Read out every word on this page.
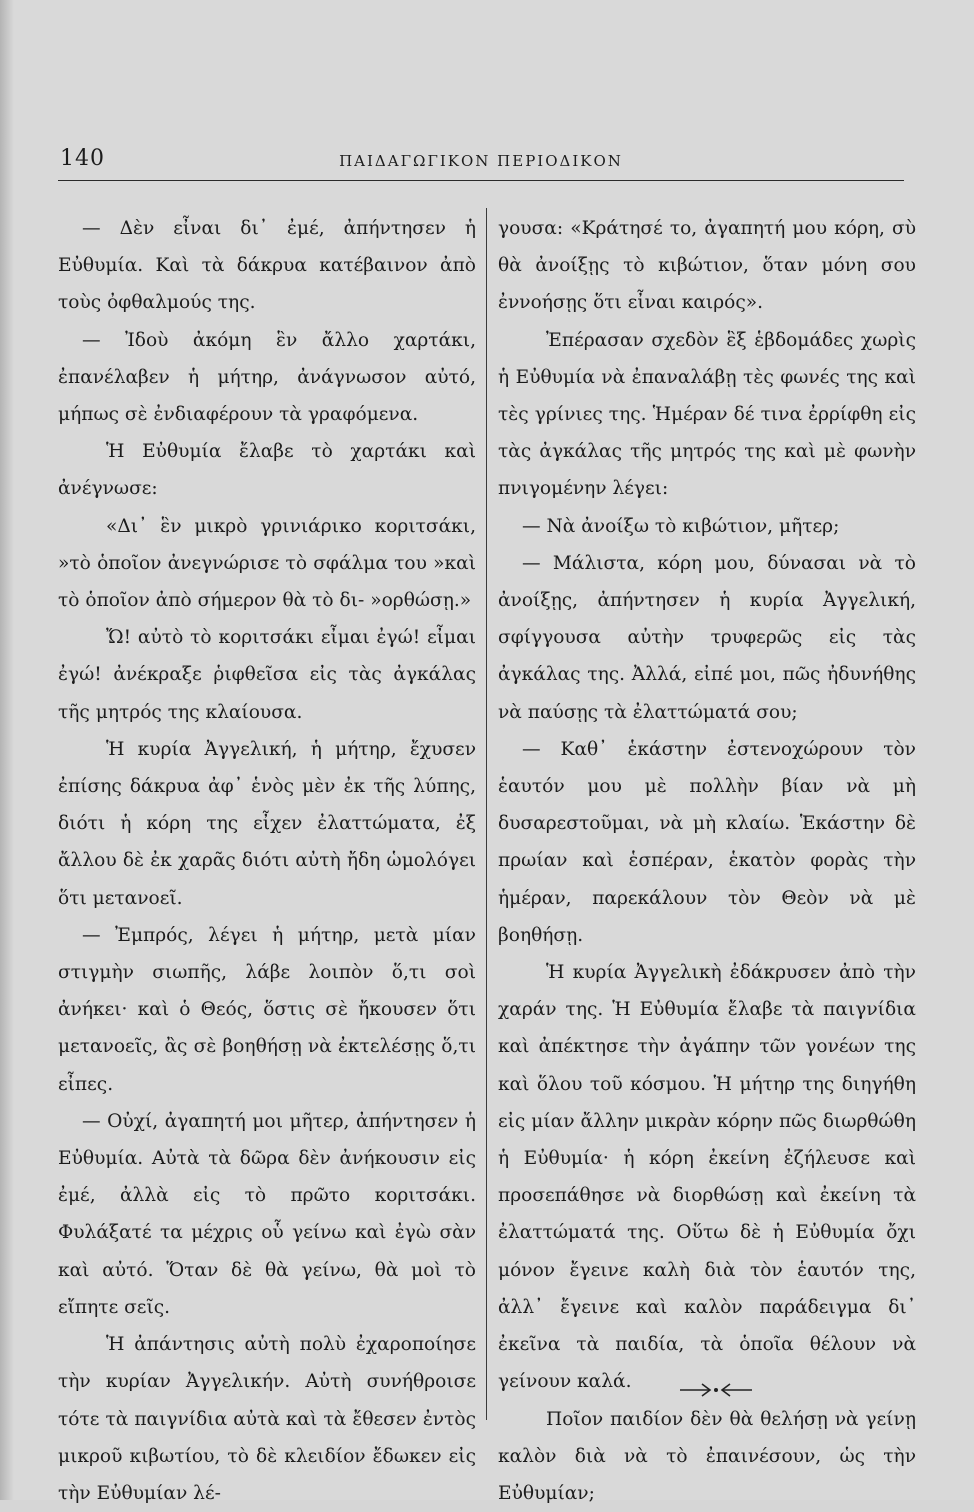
140	ΠΑΙΔΑΓΩΓΙΚΟΝ ΠΕΡΙΟΔΙΚΟΝ

— Δὲν εἶναι δι᾽ ἐμέ, ἀπήντησεν ἡ Εὐθυμία. Καὶ τὰ δάκρυα κατέβαινον ἀπὸ τοὺς ὀφθαλμούς της.

— Ἰδοὺ ἀκόμη ἓν ἄλλο χαρτάκι, ἐπανέλαβεν ἡ μήτηρ, ἀνάγνωσον αὐτό, μήπως σὲ ἐνδιαφέρουν τὰ γραφόμενα.

Ἡ Εὐθυμία ἔλαβε τὸ χαρτάκι καὶ ἀνέγνωσε:

«Δι᾽ ἓν μικρὸ γρινιάρικο κοριτσάκι, »τὸ ὁποῖον ἀνεγνώρισε τὸ σφάλμα του »καὶ τὸ ὁποῖον ἀπὸ σήμερον θὰ τὸ δι- »ορθώσῃ.»

Ὤ! αὐτὸ τὸ κοριτσάκι εἶμαι ἐγώ! εἶμαι ἐγώ! ἀνέκραξε ῥιφθεῖσα εἰς τὰς ἀγκάλας τῆς μητρός της κλαίουσα.

Ἡ κυρία Ἀγγελική, ἡ μήτηρ, ἔχυσεν ἐπίσης δάκρυα ἀφ᾽ ἑνὸς μὲν ἐκ τῆς λύπης, διότι ἡ κόρη της εἶχεν ἐλαττώματα, ἐξ ἄλλου δὲ ἐκ χαρᾶς διότι αὐτὴ ἤδη ὡμολόγει ὅτι μετανοεῖ.

— Ἐμπρός, λέγει ἡ μήτηρ, μετὰ μίαν στιγμὴν σιωπῆς, λάβε λοιπὸν ὅ,τι σοὶ ἀνήκει· καὶ ὁ Θεός, ὅστις σὲ ἤκουσεν ὅτι μετανοεῖς, ἂς σὲ βοηθήσῃ νὰ ἐκτελέσῃς ὅ,τι εἶπες.

— Οὐχί, ἀγαπητή μοι μῆτερ, ἀπήντησεν ἡ Εὐθυμία. Αὐτὰ τὰ δῶρα δὲν ἀνήκουσιν εἰς ἐμέ, ἀλλὰ εἰς τὸ πρῶτο κοριτσάκι. Φυλάξατέ τα μέχρις οὗ γείνω καὶ ἐγὼ σὰν καὶ αὐτό. Ὅταν δὲ θὰ γείνω, θὰ μοὶ τὸ εἴπητε σεῖς.

Ἡ ἀπάντησις αὐτὴ πολὺ ἐχαροποίησε τὴν κυρίαν Ἀγγελικήν. Αὐτὴ συνήθροισε τότε τὰ παιγνίδια αὐτὰ καὶ τὰ ἔθεσεν ἐντὸς μικροῦ κιβωτίου, τὸ δὲ κλειδίον ἔδωκεν εἰς τὴν Εὐθυμίαν λέ-

γουσα: «Κράτησέ το, ἀγαπητή μου κόρη, σὺ θὰ ἀνοίξῃς τὸ κιβώτιον, ὅταν μόνη σου ἐννοήσῃς ὅτι εἶναι καιρός».

Ἐπέρασαν σχεδὸν ἓξ ἑβδομάδες χωρὶς ἡ Εὐθυμία νὰ ἐπαναλάβῃ τὲς φωνές της καὶ τὲς γρίνιες της. Ἡμέραν δέ τινα ἐρρίφθη εἰς τὰς ἀγκάλας τῆς μητρός της καὶ μὲ φωνὴν πνιγομένην λέγει:

— Νὰ ἀνοίξω τὸ κιβώτιον, μῆτερ;

— Μάλιστα, κόρη μου, δύνασαι νὰ τὸ ἀνοίξῃς, ἀπήντησεν ἡ κυρία Ἀγγελική, σφίγγουσα αὐτὴν τρυφερῶς εἰς τὰς ἀγκάλας της. Ἀλλά, εἰπέ μοι, πῶς ἠδυνήθης νὰ παύσῃς τὰ ἐλαττώματά σου;

— Καθ᾽ ἑκάστην ἐστενοχώρουν τὸν ἑαυτόν μου μὲ πολλὴν βίαν νὰ μὴ δυσαρεστοῦμαι, νὰ μὴ κλαίω. Ἑκάστην δὲ πρωίαν καὶ ἑσπέραν, ἑκατὸν φορὰς τὴν ἡμέραν, παρεκάλουν τὸν Θεὸν νὰ μὲ βοηθήσῃ.

Ἡ κυρία Ἀγγελικὴ ἐδάκρυσεν ἀπὸ τὴν χαράν της. Ἡ Εὐθυμία ἔλαβε τὰ παιγνίδια καὶ ἀπέκτησε τὴν ἀγάπην τῶν γονέων της καὶ ὅλου τοῦ κόσμου. Ἡ μήτηρ της διηγήθη εἰς μίαν ἄλλην μικρὰν κόρην πῶς διωρθώθη ἡ Εὐθυμία· ἡ κόρη ἐκείνη ἐζήλευσε καὶ προσεπάθησε νὰ διορθώσῃ καὶ ἐκείνη τὰ ἐλαττώματά της. Οὕτω δὲ ἡ Εὐθυμία ὄχι μόνον ἔγεινε καλὴ διὰ τὸν ἑαυτόν της, ἀλλ᾽ ἔγεινε καὶ καλὸν παράδειγμα δι᾽ ἐκεῖνα τὰ παιδία, τὰ ὁποῖα θέλουν νὰ γείνουν καλά.

Ποῖον παιδίον δὲν θὰ θελήσῃ νὰ γείνῃ καλὸν διὰ νὰ τὸ ἐπαινέσουν, ὡς τὴν Εὐθυμίαν;
